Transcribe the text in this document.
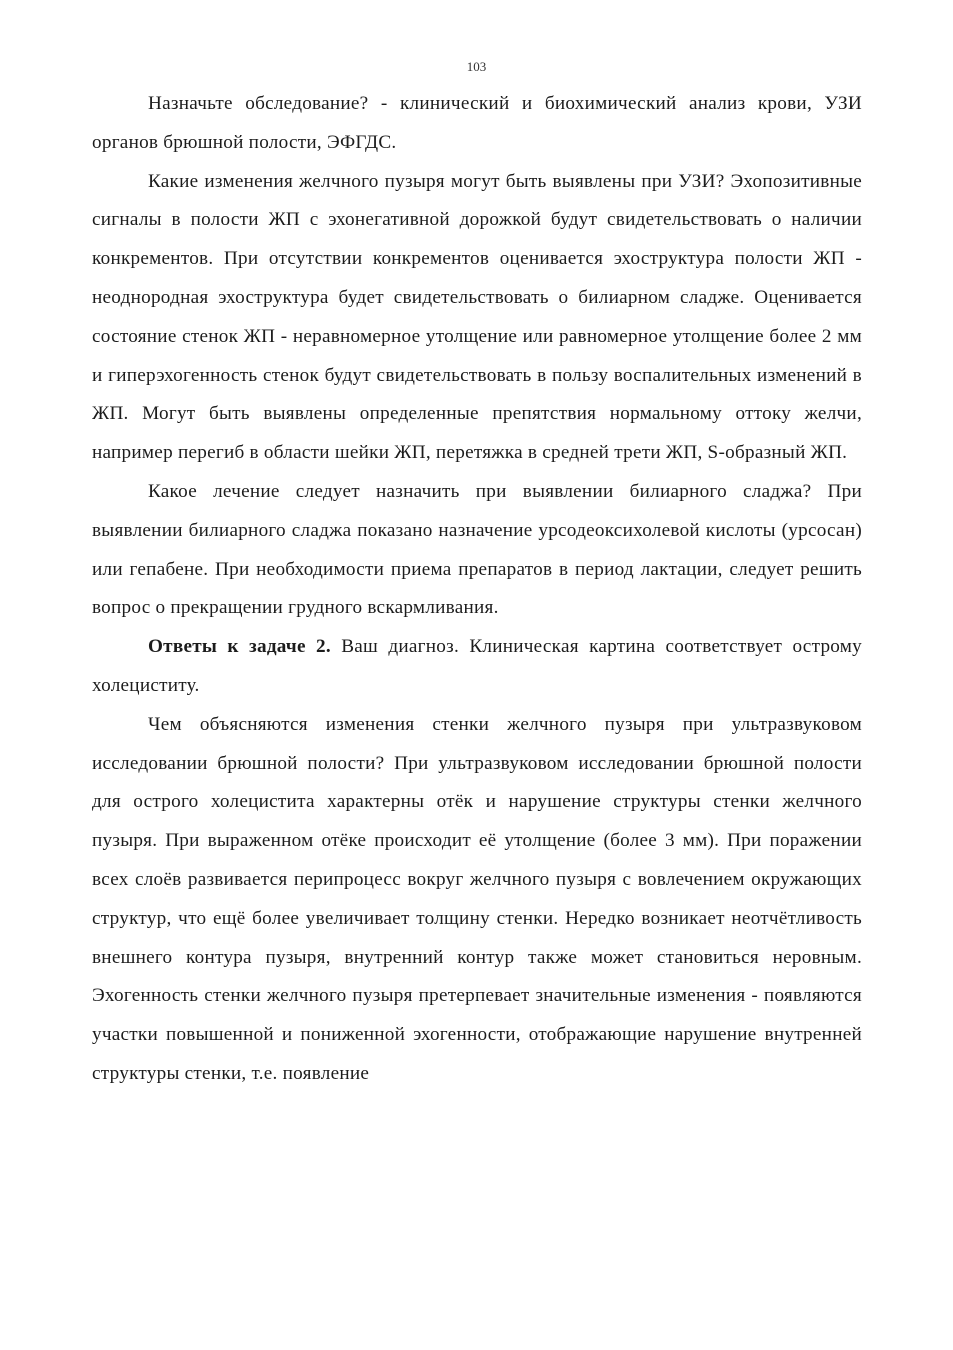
103

Назначьте обследование? - клинический и биохимический анализ крови, УЗИ органов брюшной полости, ЭФГДС.

Какие изменения желчного пузыря могут быть выявлены при УЗИ? Эхопозитивные сигналы в полости ЖП с эхонегативной дорожкой будут свидетельствовать о наличии конкрементов. При отсутствии конкрементов оценивается эхоструктура полости ЖП - неоднородная эхоструктура будет свидетельствовать о билиарном сладже. Оценивается состояние стенок ЖП - неравномерное утолщение или равномерное утолщение более 2 мм и гиперэхогенность стенок будут свидетельствовать в пользу воспалительных изменений в ЖП. Могут быть выявлены определенные препятствия нормальному оттоку желчи, например перегиб в области шейки ЖП, перетяжка в средней трети ЖП, S-образный ЖП.

Какое лечение следует назначить при выявлении билиарного сладжа? При выявлении билиарного сладжа показано назначение урсодеоксихолевой кислоты (урсосан) или гепабене. При необходимости приема препаратов в период лактации, следует решить вопрос о прекращении грудного вскармливания.

Ответы к задаче 2. Ваш диагноз. Клиническая картина соответствует острому холециститу.

Чем объясняются изменения стенки желчного пузыря при ультразвуковом исследовании брюшной полости? При ультразвуковом исследовании брюшной полости для острого холецистита характерны отёк и нарушение структуры стенки желчного пузыря. При выраженном отёке происходит её утолщение (более 3 мм). При поражении всех слоёв развивается перипроцесс вокруг желчного пузыря с вовлечением окружающих структур, что ещё более увеличивает толщину стенки. Нередко возникает неотчётливость внешнего контура пузыря, внутренний контур также может становиться неровным. Эхогенность стенки желчного пузыря претерпевает значительные изменения - появляются участки повышенной и пониженной эхогенности, отображающие нарушение внутренней структуры стенки, т.е. появление
